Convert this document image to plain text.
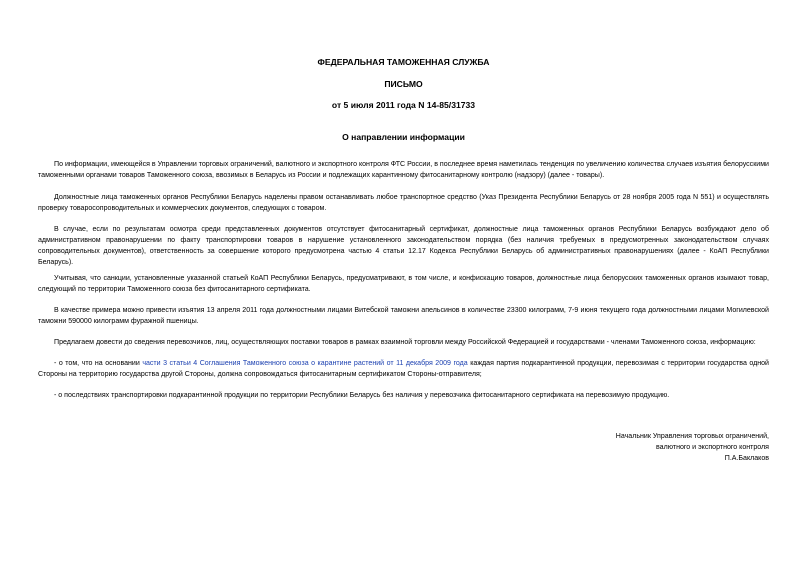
ФЕДЕРАЛЬНАЯ ТАМОЖЕННАЯ СЛУЖБА
ПИСЬМО
от 5 июля 2011 года N 14-85/31733
О направлении информации

По информации, имеющейся в Управлении торговых ограничений, валютного и экспортного контроля ФТС России, в последнее время наметилась тенденция по увеличению количества случаев изъятия белорусскими таможенными органами товаров Таможенного союза, ввозимых в Беларусь из России и подлежащих карантинному фитосанитарному контролю (надзору) (далее - товары).

Должностные лица таможенных органов Республики Беларусь наделены правом останавливать любое транспортное средство (Указ Президента Республики Беларусь от 28 ноября 2005 года N 551) и осуществлять проверку товаросопроводительных и коммерческих документов, следующих с товаром.

В случае, если по результатам осмотра среди представленных документов отсутствует фитосанитарный сертификат, должностные лица таможенных органов Республики Беларусь возбуждают дело об административном правонарушении по факту транспортировки товаров в нарушение установленного законодательством порядка (без наличия требуемых в предусмотренных законодательством случаях сопроводительных документов), ответственность за совершение которого предусмотрена частью 4 статьи 12.17 Кодекса Республики Беларусь об административных правонарушениях (далее - КоАП Республики Беларусь).

Учитывая, что санкции, установленные указанной статьей КоАП Республики Беларусь, предусматривают, в том числе, и конфискацию товаров, должностные лица белорусских таможенных органов изымают товар, следующий по территории Таможенного союза без фитосанитарного сертификата.

В качестве примера можно привести изъятия 13 апреля 2011 года должностными лицами Витебской таможни апельсинов в количестве 23300 килограмм, 7-9 июня текущего года должностными лицами Могилевской таможни 590000 килограмм фуражной пшеницы.

Предлагаем довести до сведения перевозчиков, лиц, осуществляющих поставки товаров в рамках взаимной торговли между Российской Федерацией и государствами - членами Таможенного союза, информацию:

- о том, что на основании части 3 статьи 4 Соглашения Таможенного союза о карантине растений от 11 декабря 2009 года каждая партия подкарантинной продукции, перевозимая с территории государства одной Стороны на территорию государства другой Стороны, должна сопровождаться фитосанитарным сертификатом Стороны-отправителя;

- о последствиях транспортировки подкарантинной продукции по территории Республики Беларусь без наличия у перевозчика фитосанитарного сертификата на перевозимую продукцию.

Начальник Управления торговых ограничений,
валютного и экспортного контроля
П.А.Баклаков
